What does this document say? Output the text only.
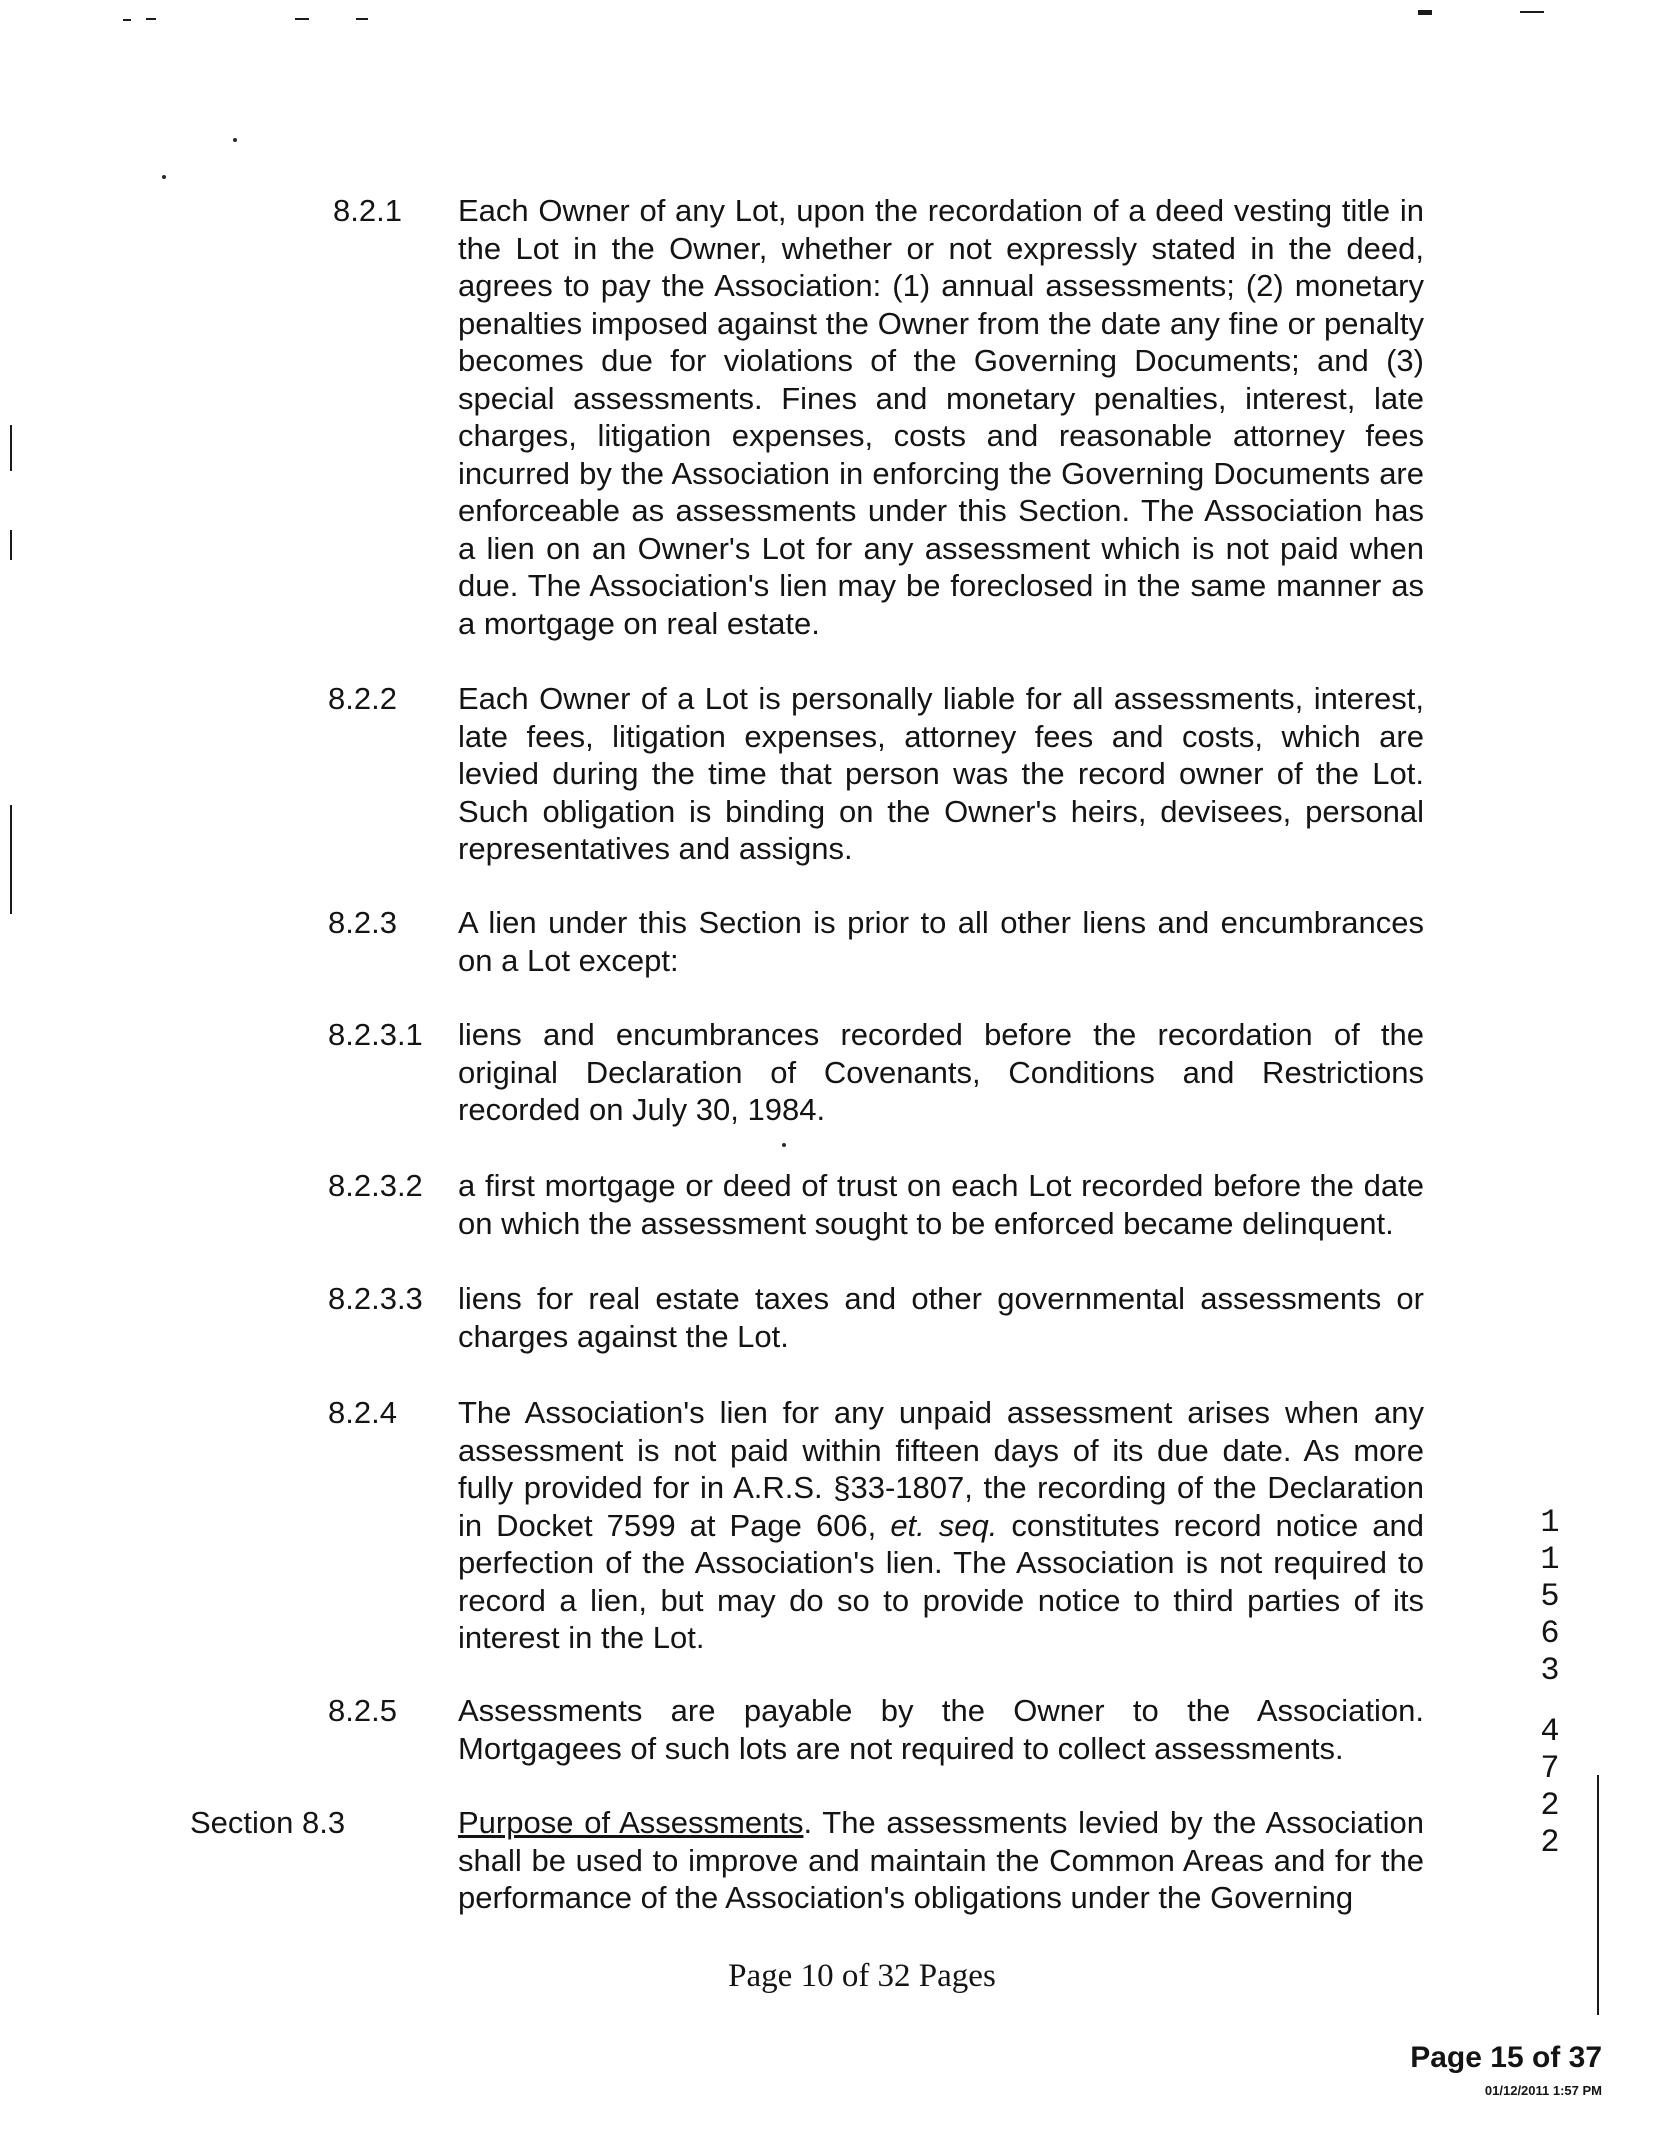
8.2.1 Each Owner of any Lot, upon the recordation of a deed vesting title in the Lot in the Owner, whether or not expressly stated in the deed, agrees to pay the Association: (1) annual assessments; (2) monetary penalties imposed against the Owner from the date any fine or penalty becomes due for violations of the Governing Documents; and (3) special assessments. Fines and monetary penalties, interest, late charges, litigation expenses, costs and reasonable attorney fees incurred by the Association in enforcing the Governing Documents are enforceable as assessments under this Section. The Association has a lien on an Owner's Lot for any assessment which is not paid when due. The Association's lien may be foreclosed in the same manner as a mortgage on real estate.
8.2.2 Each Owner of a Lot is personally liable for all assessments, interest, late fees, litigation expenses, attorney fees and costs, which are levied during the time that person was the record owner of the Lot. Such obligation is binding on the Owner's heirs, devisees, personal representatives and assigns.
8.2.3 A lien under this Section is prior to all other liens and encumbrances on a Lot except:
8.2.3.1 liens and encumbrances recorded before the recordation of the original Declaration of Covenants, Conditions and Restrictions recorded on July 30, 1984.
8.2.3.2 a first mortgage or deed of trust on each Lot recorded before the date on which the assessment sought to be enforced became delinquent.
8.2.3.3 liens for real estate taxes and other governmental assessments or charges against the Lot.
8.2.4 The Association's lien for any unpaid assessment arises when any assessment is not paid within fifteen days of its due date. As more fully provided for in A.R.S. §33-1807, the recording of the Declaration in Docket 7599 at Page 606, et. seq. constitutes record notice and perfection of the Association's lien. The Association is not required to record a lien, but may do so to provide notice to third parties of its interest in the Lot.
8.2.5 Assessments are payable by the Owner to the Association. Mortgagees of such lots are not required to collect assessments.
Section 8.3	Purpose of Assessments. The assessments levied by the Association shall be used to improve and maintain the Common Areas and for the performance of the Association's obligations under the Governing
Page 10 of 32 Pages
1
1
5
6
3
4
7
2
2
Page 15 of 37
01/12/2011 1:57 PM
